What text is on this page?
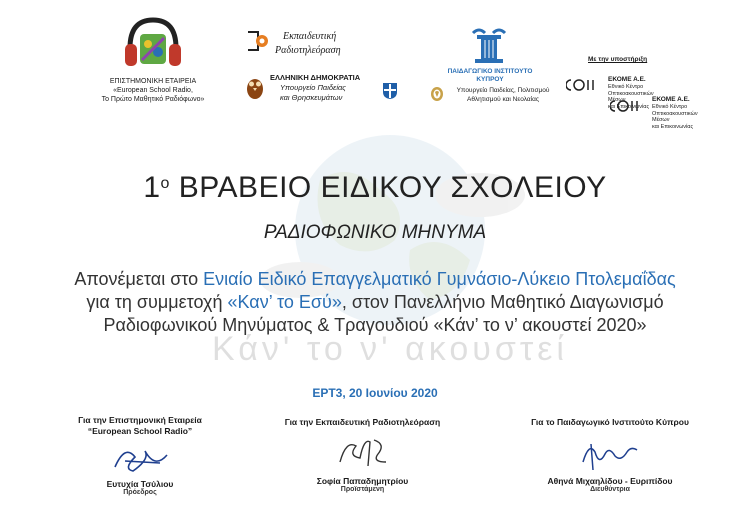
Κάν' το ν' ακουστεί
ΕΠΙΣΤΗΜΟΝΙΚΗ ΕΤΑΙΡΕΙΑ
«European School Radio,
Το Πρώτο Μαθητικό Ραδιόφωνο»
Εκπαιδευτική
Ραδιοτηλεόραση
ΕΛΛΗΝΙΚΗ ΔΗΜΟΚΡΑΤΙΑ
Υπουργείο Παιδείας
και Θρησκευμάτων
ΠΑΙΔΑΓΩΓΙΚΟ ΙΝΣΤΙΤΟΥΤΟ
ΚΥΠΡΟΥ
Υπουργείο Παιδείας, Πολιτισμού
Αθλητισμού και Νεολαίας
Με την υποστήριξη
ΕΚΟΜΕ Α.Ε.
Εθνικό Κέντρο
Οπτικοακουστικών Μέσων
και Επικοινωνίας
ΕΚΟΜΕ Α.Ε.
Εθνικό Κέντρο
Οπτικοακουστικών Μέσων
και Επικοινωνίας
$1^o$ ΒΡΑΒΕΙΟ ΕΙΔΙΚΟΥ ΣΧΟΛΕΙΟΥ
ΡΑΔΙΟΦΩΝΙΚΟ ΜΗΝΥΜΑ
Απονέμεται στο Ενιαίο Ειδικό Επαγγελματικό Γυμνάσιο-Λύκειο Πτολεμαΐδας για τη συμμετοχή «Καν’ το Εσύ», στον Πανελλήνιο Μαθητικό Διαγωνισμό Ραδιοφωνικού Μηνύματος & Τραγουδιού «Κάν’ το ν’ ακουστεί 2020»
ΕΡΤ3, 20 Ιουνίου 2020
Για την Επιστημονική Εταιρεία
“European School Radio”
Ευτυχία Τσύλιου
Πρόεδρος
Για την Εκπαιδευτική Ραδιοτηλεόραση
Σοφία Παπαδημητρίου
Προϊστάμενη
Για το Παιδαγωγικό Ινστιτούτο Κύπρου
Αθηνά Μιχαηλίδου - Ευριπίδου
Διευθύντρια
